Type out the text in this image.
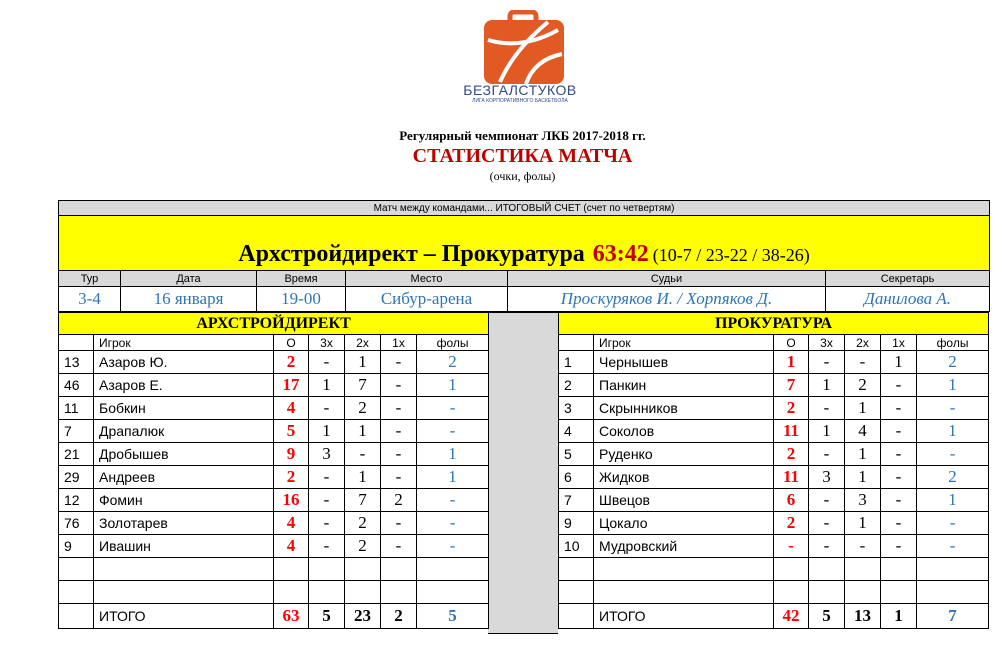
БЕЗГАЛСТУКОВ
ЛИГА КОРПОРАТИВНОГО БАСКЕТБОЛА
Регулярный чемпионат ЛКБ 2017-2018 гг.
СТАТИСТИКА МАТЧА
(очки, фолы)
Матч между командами... ИТОГОВЫЙ СЧЕТ (счет по четвертям)					
Архстройдирект – Прокуратура 63:42 (10-7 / 23-22 / 38-26)					
Тур	Дата	Время	Место	Судьи	Секретарь
3-4	16 января	19-00	Сибур-арена	Проскуряков И. / Хорпяков Д.	Данилова А.
АРХСТРОЙДИРЕКТ						
	Игрок	О	3х	2х	1х	фолы
13	Азаров Ю.	2	-	1	-	2
46	Азаров Е.	17	1	7	-	1
11	Бобкин	4	-	2	-	-
7	Драпалюк	5	1	1	-	-
21	Дробышев	9	3	-	-	1
29	Андреев	2	-	1	-	1
12	Фомин	16	-	7	2	-
76	Золотарев	4	-	2	-	-
9	Ивашин	4	-	2	-	-

	ИТОГО	63	5	23	2	5
ПРОКУРАТУРА						
	Игрок	О	3х	2х	1х	фолы
1	Чернышев	1	-	-	1	2
2	Панкин	7	1	2	-	1
3	Скрынников	2	-	1	-	-
4	Соколов	11	1	4	-	1
5	Руденко	2	-	1	-	-
6	Жидков	11	3	1	-	2
7	Швецов	6	-	3	-	1
9	Цокало	2	-	1	-	-
10	Мудровский	-	-	-	-	-

	ИТОГО	42	5	13	1	7
